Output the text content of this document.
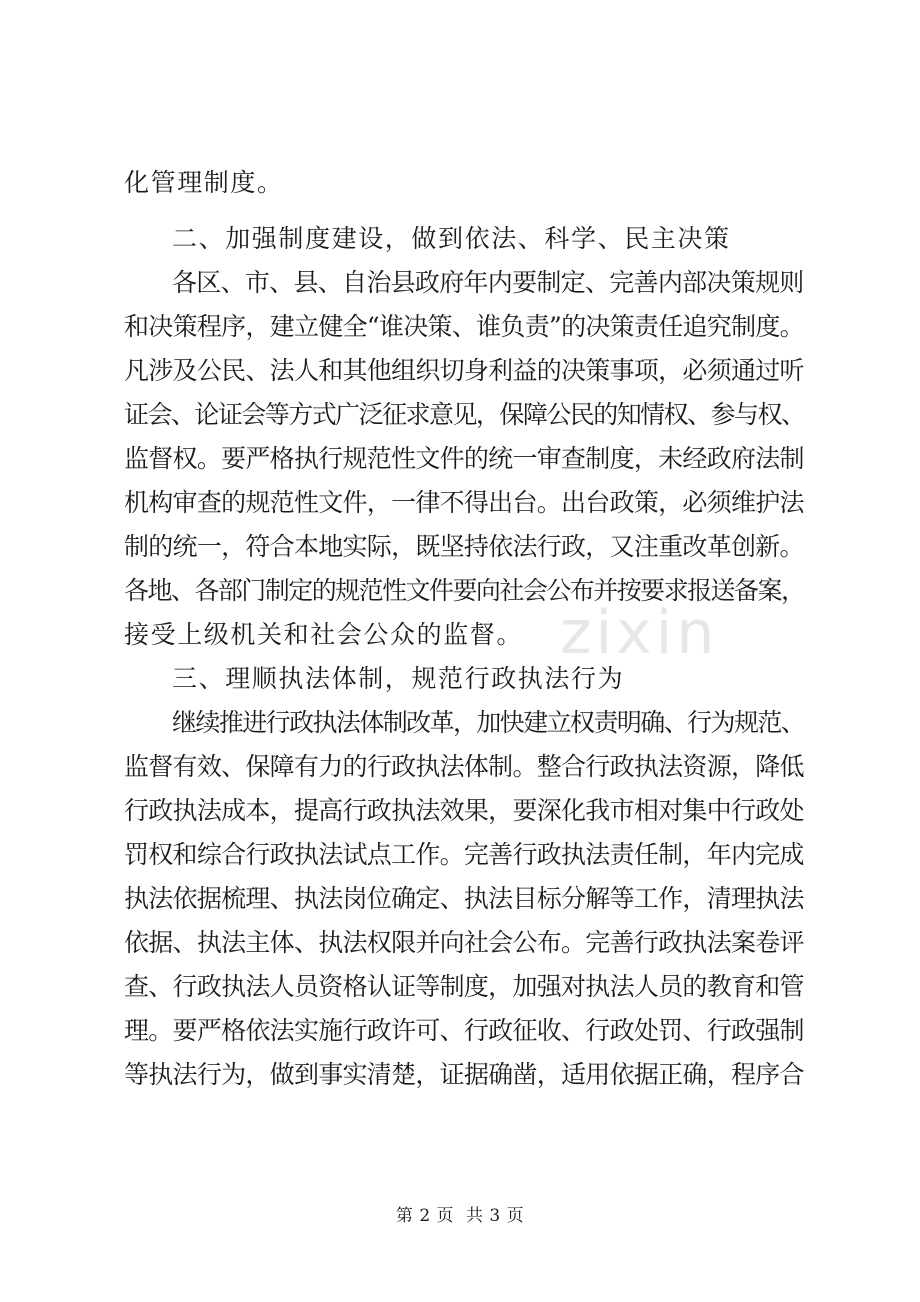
化管理制度。
二、加强制度建设，做到依法、科学、民主决策
各区、市、县、自治县政府年内要制定、完善内部决策规则
和决策程序，建立健全“谁决策、谁负责”的决策责任追究制度。
凡涉及公民、法人和其他组织切身利益的决策事项，必须通过听
证会、论证会等方式广泛征求意见，保障公民的知情权、参与权、
监督权。要严格执行规范性文件的统一审查制度，未经政府法制
机构审查的规范性文件，一律不得出台。出台政策，必须维护法
制的统一，符合本地实际，既坚持依法行政，又注重改革创新。
各地、各部门制定的规范性文件要向社会公布并按要求报送备案，
接受上级机关和社会公众的监督。
三、理顺执法体制，规范行政执法行为
继续推进行政执法体制改革，加快建立权责明确、行为规范、
监督有效、保障有力的行政执法体制。整合行政执法资源，降低
行政执法成本，提高行政执法效果，要深化我市相对集中行政处
罚权和综合行政执法试点工作。完善行政执法责任制，年内完成
执法依据梳理、执法岗位确定、执法目标分解等工作，清理执法
依据、执法主体、执法权限并向社会公布。完善行政执法案卷评
查、行政执法人员资格认证等制度，加强对执法人员的教育和管
理。要严格依法实施行政许可、行政征收、行政处罚、行政强制
等执法行为，做到事实清楚，证据确凿，适用依据正确，程序合
zixin
第 2 页 共 3 页
